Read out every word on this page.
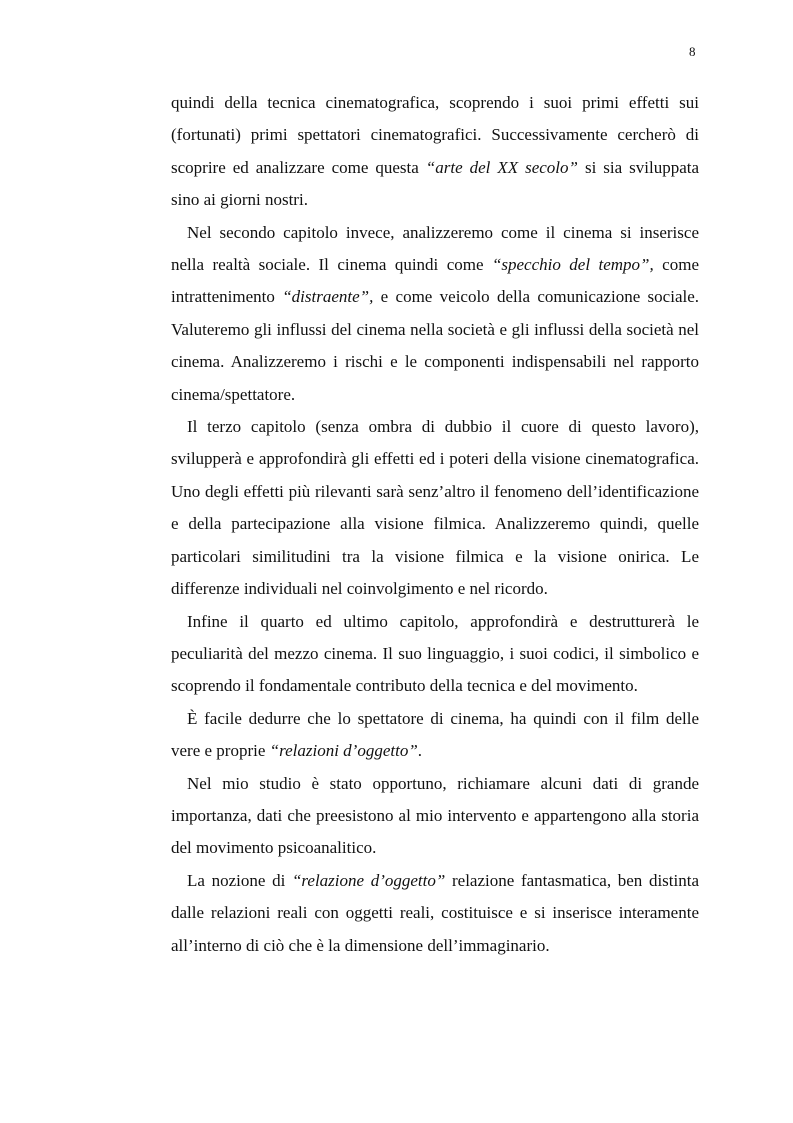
8

quindi della tecnica cinematografica, scoprendo i suoi primi effetti sui (fortunati) primi spettatori cinematografici. Successivamente cercherò di scoprire ed analizzare come questa “arte del XX secolo” si sia sviluppata sino ai giorni nostri.

Nel secondo capitolo invece, analizzeremo come il cinema si inserisce nella realtà sociale. Il cinema quindi come “specchio del tempo”, come intrattenimento “distraente”, e come veicolo della comunicazione sociale. Valuteremo gli influssi del cinema nella società e gli influssi della società nel cinema. Analizzeremo i rischi e le componenti indispensabili nel rapporto cinema/spettatore.

Il terzo capitolo (senza ombra di dubbio il cuore di questo lavoro), svilupperà e approfondirà gli effetti ed i poteri della visione cinematografica. Uno degli effetti più rilevanti sarà senz’altro il fenomeno dell’identificazione e della partecipazione alla visione filmica. Analizzeremo quindi, quelle particolari similitudini tra la visione filmica e la visione onirica. Le differenze individuali nel coinvolgimento e nel ricordo.

Infine il quarto ed ultimo capitolo, approfondirà e destrutturerà le peculiarità del mezzo cinema. Il suo linguaggio, i suoi codici, il simbolico e scoprendo il fondamentale contributo della tecnica e del movimento.

È facile dedurre che lo spettatore di cinema, ha quindi con il film delle vere e proprie “relazioni d’oggetto”.

Nel mio studio è stato opportuno, richiamare alcuni dati di grande importanza, dati che preesistono al mio intervento e appartengono alla storia del movimento psicoanalitico.

La nozione di “relazione d’oggetto” relazione fantasmatica, ben distinta dalle relazioni reali con oggetti reali, costituisce e si inserisce interamente all’interno di ciò che è la dimensione dell’immaginario.
